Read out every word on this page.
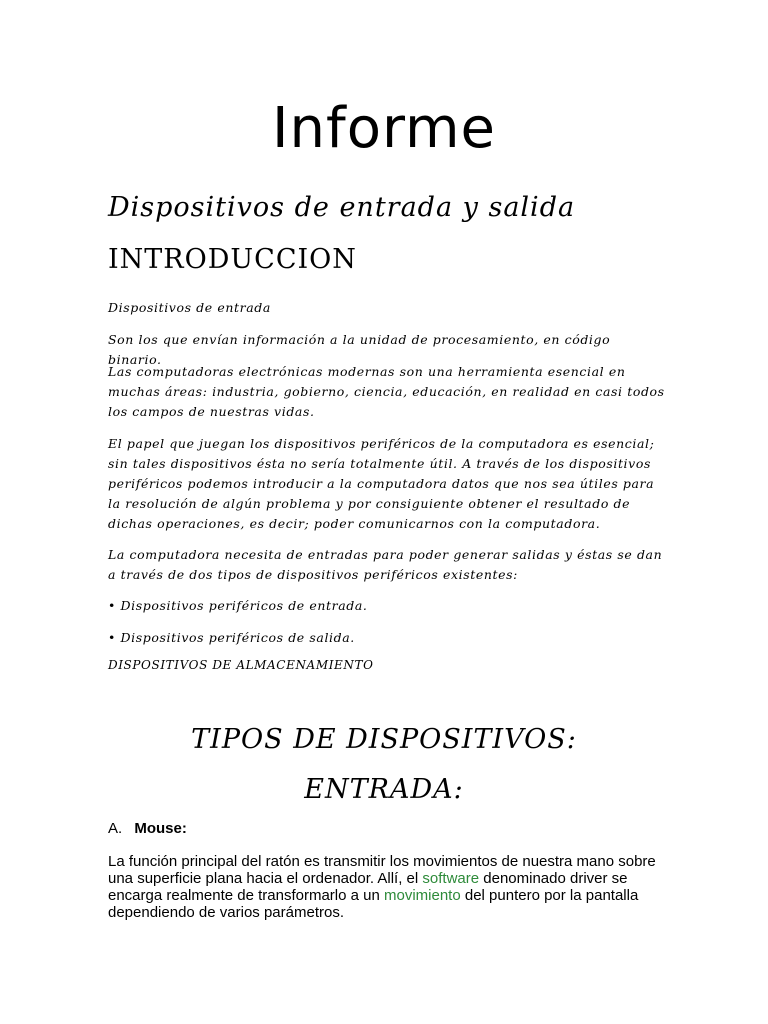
Informe
Dispositivos de entrada y salida
INTRODUCCION

Dispositivos de entrada

Son los que envían información a la unidad de procesamiento, en código binario.

Las computadoras electrónicas modernas son una herramienta esencial en muchas áreas: industria, gobierno, ciencia, educación, en realidad en casi todos los campos de nuestras vidas.

El papel que juegan los dispositivos periféricos de la computadora es esencial; sin tales dispositivos ésta no sería totalmente útil. A través de los dispositivos periféricos podemos introducir a la computadora datos que nos sea útiles para la resolución de algún problema y por consiguiente obtener el resultado de dichas operaciones, es decir; poder comunicarnos con la computadora.

La computadora necesita de entradas para poder generar salidas y éstas se dan a través de dos tipos de dispositivos periféricos existentes:

• Dispositivos periféricos de entrada.

• Dispositivos periféricos de salida.

DISPOSITIVOS DE ALMACENAMIENTO
TIPOS DE DISPOSITIVOS:
ENTRADA:
A. Mouse:
La función principal del ratón es transmitir los movimientos de nuestra mano sobre una superficie plana hacia el ordenador. Allí, el software denominado driver se encarga realmente de transformarlo a un movimiento del puntero por la pantalla dependiendo de varios parámetros.
